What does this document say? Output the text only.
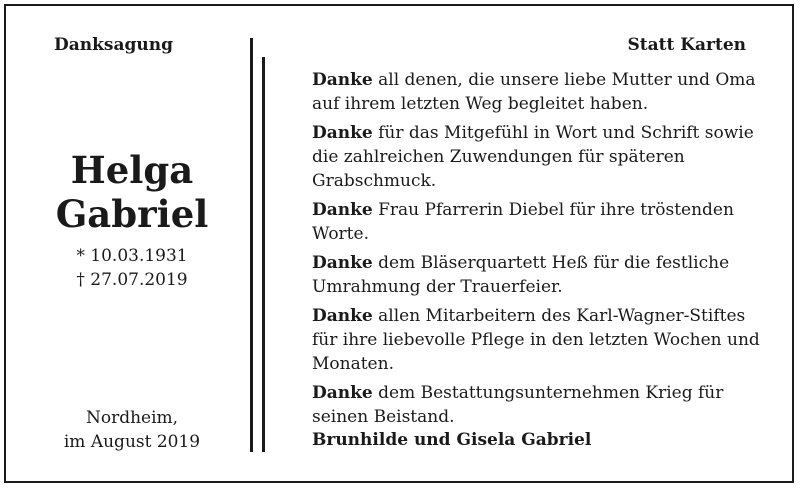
Danksagung	Statt Karten
Helga
Gabriel
* 10.03.1931
† 27.07.2019
Nordheim,
im August 2019

Danke all denen, die unsere liebe Mutter und Oma auf ihrem letzten Weg begleitet haben.

Danke für das Mitgefühl in Wort und Schrift sowie die zahlreichen Zuwendungen für späteren Grabschmuck.

Danke Frau Pfarrerin Diebel für ihre tröstenden Worte.

Danke dem Bläserquartett Heß für die festliche Umrahmung der Trauerfeier.

Danke allen Mitarbeitern des Karl-Wagner-Stiftes für ihre liebevolle Pflege in den letzten Wochen und Monaten.

Danke dem Bestattungsunternehmen Krieg für seinen Beistand.

Brunhilde und Gisela Gabriel
